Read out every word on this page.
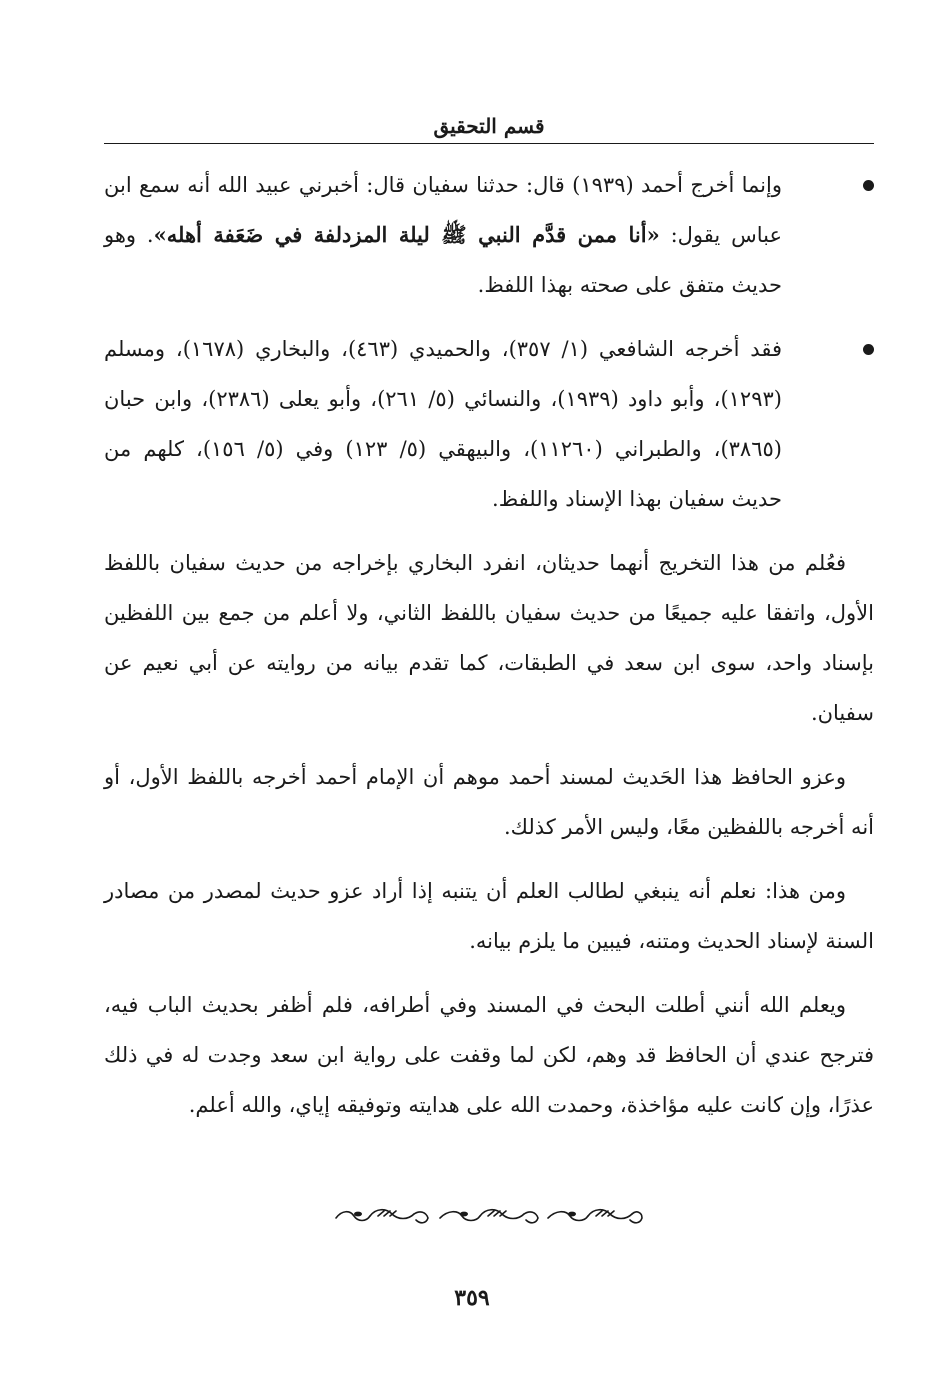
قسم التحقيق
وإنما أخرج أحمد (١٩٣٩) قال: حدثنا سفيان قال: أخبرني عبيد الله أنه سمع ابن عباس يقول: «أنا ممن قدَّم النبي ﷺ ليلة المزدلفة في ضَعَفة أهله». وهو حديث متفق على صحته بهذا اللفظ.
فقد أخرجه الشافعي (١/ ٣٥٧)، والحميدي (٤٦٣)، والبخاري (١٦٧٨)، ومسلم (١٢٩٣)، وأبو داود (١٩٣٩)، والنسائي (٥/ ٢٦١)، وأبو يعلى (٢٣٨٦)، وابن حبان (٣٨٦٥)، والطبراني (١١٢٦٠)، والبيهقي (٥/ ١٢٣) وفي (٥/ ١٥٦)، كلهم من حديث سفيان بهذا الإسناد واللفظ.

فعُلم من هذا التخريج أنهما حديثان، انفرد البخاري بإخراجه من حديث سفيان باللفظ الأول، واتفقا عليه جميعًا من حديث سفيان باللفظ الثاني، ولا أعلم من جمع بين اللفظين بإسناد واحد، سوى ابن سعد في الطبقات، كما تقدم بيانه من روايته عن أبي نعيم عن سفيان.

وعزو الحافظ هذا الحَديث لمسند أحمد موهم أن الإمام أحمد أخرجه باللفظ الأول، أو أنه أخرجه باللفظين معًا، وليس الأمر كذلك.

ومن هذا: نعلم أنه ينبغي لطالب العلم أن يتنبه إذا أراد عزو حديث لمصدر من مصادر السنة لإسناد الحديث ومتنه، فيبين ما يلزم بيانه.

ويعلم الله أنني أطلت البحث في المسند وفي أطرافه، فلم أظفر بحديث الباب فيه، فترجح عندي أن الحافظ قد وهم، لكن لما وقفت على رواية ابن سعد وجدت له في ذلك عذرًا، وإن كانت عليه مؤاخذة، وحمدت الله على هدايته وتوفيقه إياي، والله أعلم.

٣٥٩
